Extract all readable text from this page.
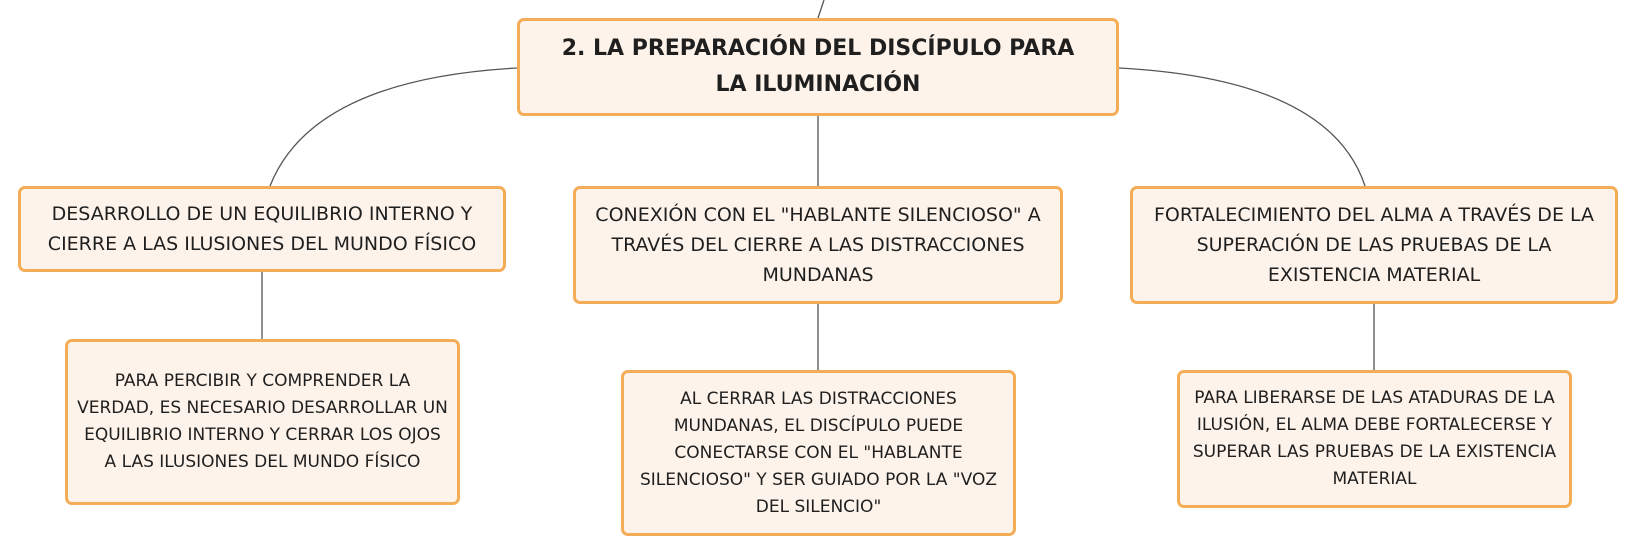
2. LA PREPARACIÓN DEL DISCÍPULO PARA LA ILUMINACIÓN
DESARROLLO DE UN EQUILIBRIO INTERNO Y CIERRE A LAS ILUSIONES DEL MUNDO FÍSICO
CONEXIÓN CON EL "HABLANTE SILENCIOSO" A TRAVÉS DEL CIERRE A LAS DISTRACCIONES MUNDANAS
FORTALECIMIENTO DEL ALMA A TRAVÉS DE LA SUPERACIÓN DE LAS PRUEBAS DE LA EXISTENCIA MATERIAL
PARA PERCIBIR Y COMPRENDER LA VERDAD, ES NECESARIO DESARROLLAR UN EQUILIBRIO INTERNO Y CERRAR LOS OJOS A LAS ILUSIONES DEL MUNDO FÍSICO
AL CERRAR LAS DISTRACCIONES MUNDANAS, EL DISCÍPULO PUEDE CONECTARSE CON EL "HABLANTE SILENCIOSO" Y SER GUIADO POR LA "VOZ DEL SILENCIO"
PARA LIBERARSE DE LAS ATADURAS DE LA ILUSIÓN, EL ALMA DEBE FORTALECERSE Y SUPERAR LAS PRUEBAS DE LA EXISTENCIA MATERIAL
